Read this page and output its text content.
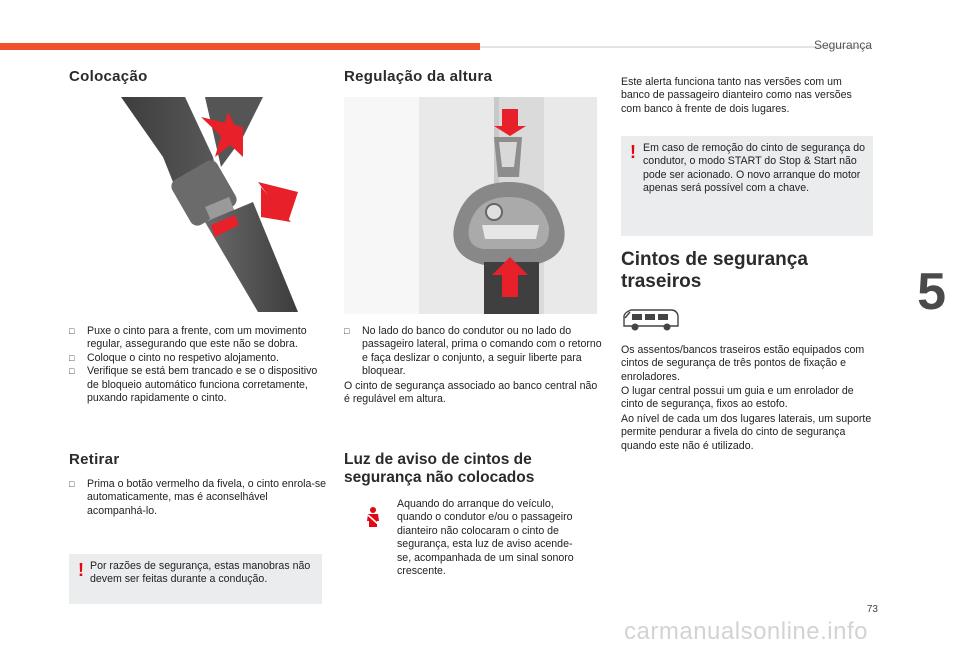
Segurança
5
Colocação
□ Puxe o cinto para a frente, com um movimento regular, assegurando que este não se dobra.
□ Coloque o cinto no respetivo alojamento.
□ Verifique se está bem trancado e se o dispositivo de bloqueio automático funciona corretamente, puxando rapidamente o cinto.
Retirar
□ Prima o botão vermelho da fivela, o cinto enrola-se automaticamente, mas é aconselhável acompanhá-lo.
! Por razões de segurança, estas manobras não devem ser feitas durante a condução.
Regulação da altura
□ No lado do banco do condutor ou no lado do passageiro lateral, prima o comando com o retorno e faça deslizar o conjunto, a seguir liberte para bloquear.
O cinto de segurança associado ao banco central não é regulável em altura.
Luz de aviso de cintos de segurança não colocados
Aquando do arranque do veículo, quando o condutor e/ou o passageiro dianteiro não colocaram o cinto de segurança, esta luz de aviso acende-se, acompanhada de um sinal sonoro crescente.
Este alerta funciona tanto nas versões com um banco de passageiro dianteiro como nas versões com banco à frente de dois lugares.
! Em caso de remoção do cinto de segurança do condutor, o modo START do Stop & Start não pode ser acionado. O novo arranque do motor apenas será possível com a chave.
Cintos de segurança traseiros
Os assentos/bancos traseiros estão equipados com cintos de segurança de três pontos de fixação e enroladores.
O lugar central possui um guia e um enrolador de cinto de segurança, fixos ao estofo.
Ao nível de cada um dos lugares laterais, um suporte permite pendurar a fivela do cinto de segurança quando este não é utilizado.
73
carmanualsonline.info
